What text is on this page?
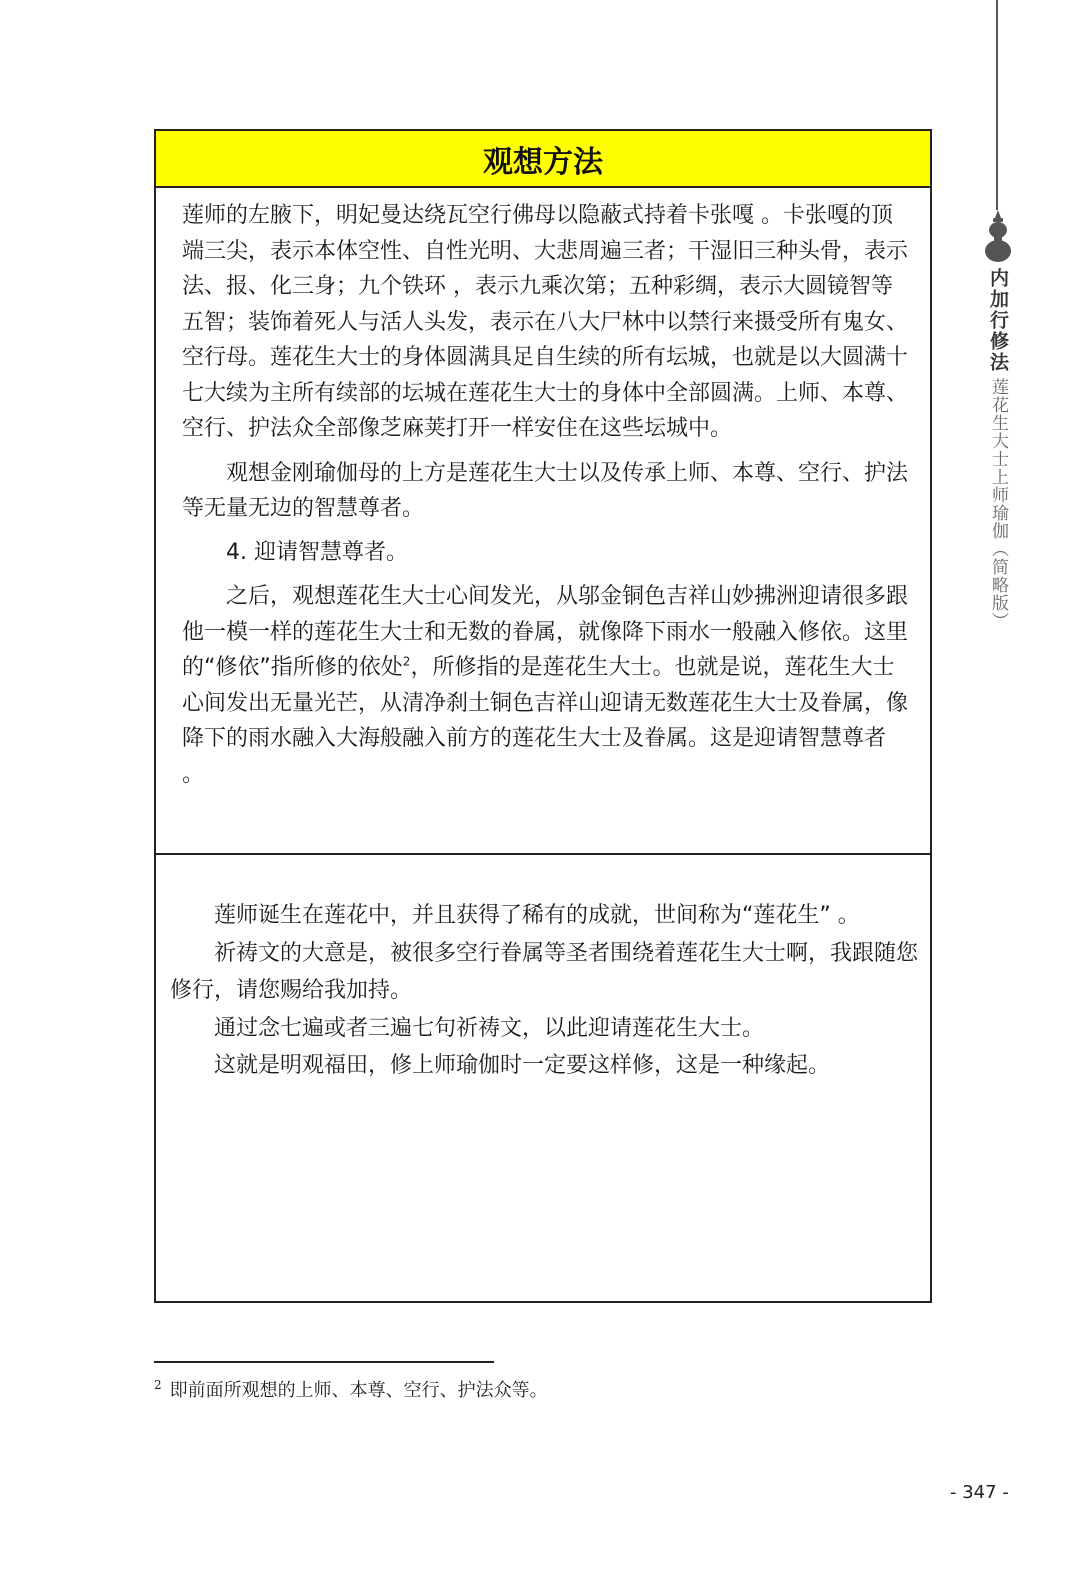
内加行修法
莲花生大士上师瑜伽（简略版）
观想方法

莲师的左腋下，明妃曼达绕瓦空行佛母以隐蔽式持着卡张嘎 。卡张嘎的顶端三尖，表示本体空性、自性光明、大悲周遍三者；干湿旧三种头骨，表示法、报、化三身；九个铁环 ，表示九乘次第；五种彩绸，表示大圆镜智等五智；装饰着死人与活人头发，表示在八大尸林中以禁行来摄受所有鬼女、空行母。莲花生大士的身体圆满具足自生续的所有坛城，也就是以大圆满十七大续为主所有续部的坛城在莲花生大士的身体中全部圆满。上师、本尊、空行、护法众全部像芝麻荚打开一样安住在这些坛城中。

观想金刚瑜伽母的上方是莲花生大士以及传承上师、本尊、空行、护法等无量无边的智慧尊者。

4. 迎请智慧尊者。

之后，观想莲花生大士心间发光，从邬金铜色吉祥山妙拂洲迎请很多跟他一模一样的莲花生大士和无数的眷属，就像降下雨水一般融入修依。这里的“修依”指所修的依处$^2$，所修指的是莲花生大士。也就是说，莲花生大士心间发出无量光芒，从清净刹土铜色吉祥山迎请无数莲花生大士及眷属，像降下的雨水融入大海般融入前方的莲花生大士及眷属。这是迎请智慧尊者 。

莲师诞生在莲花中，并且获得了稀有的成就，世间称为“莲花生” 。

祈祷文的大意是，被很多空行眷属等圣者围绕着莲花生大士啊，我跟随您修行，请您赐给我加持。

通过念七遍或者三遍七句祈祷文，以此迎请莲花生大士。

这就是明观福田，修上师瑜伽时一定要这样修，这是一种缘起。

$^2$ 即前面所观想的上师、本尊、空行、护法众等。
- 347 -
